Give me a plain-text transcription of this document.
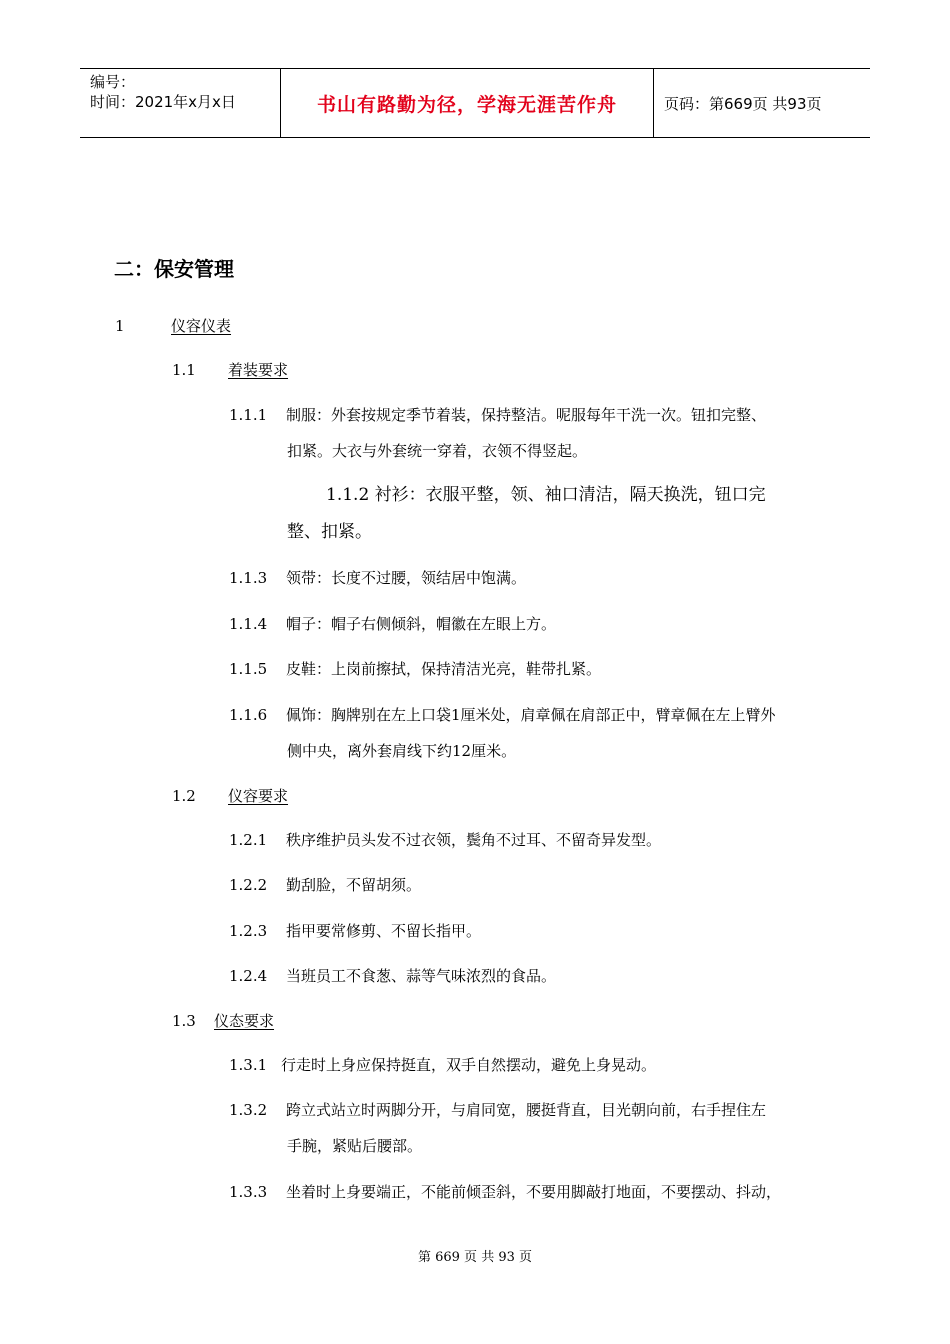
编号：
时间：2021年x月x日	书山有路勤为径，学海无涯苦作舟	页码：第669页 共93页
二：保安管理
1	仪容仪表
1.1 着装要求
1.1.1 制服：外套按规定季节着装，保持整洁。呢服每年干洗一次。钮扣完整、
扣紧。大衣与外套统一穿着，衣领不得竖起。
1.1.2 衬衫：衣服平整，领、袖口清洁，隔天换洗，钮口完
整、扣紧。
1.1.3 领带：长度不过腰，领结居中饱满。
1.1.4 帽子：帽子右侧倾斜，帽徽在左眼上方。
1.1.5 皮鞋：上岗前擦拭，保持清洁光亮，鞋带扎紧。
1.1.6 佩饰：胸牌别在左上口袋1厘米处，肩章佩在肩部正中，臂章佩在左上臂外
侧中央，离外套肩线下约12厘米。
1.2 仪容要求
1.2.1 秩序维护员头发不过衣领，鬓角不过耳、不留奇异发型。
1.2.2 勤刮脸，不留胡须。
1.2.3 指甲要常修剪、不留长指甲。
1.2.4 当班员工不食葱、蒜等气味浓烈的食品。
1.3 仪态要求
1.3.1 行走时上身应保持挺直，双手自然摆动，避免上身晃动。
1.3.2 跨立式站立时两脚分开，与肩同宽，腰挺背直，目光朝向前，右手捏住左
手腕，紧贴后腰部。
1.3.3 坐着时上身要端正，不能前倾歪斜，不要用脚敲打地面，不要摆动、抖动，
第 669 页 共 93 页
